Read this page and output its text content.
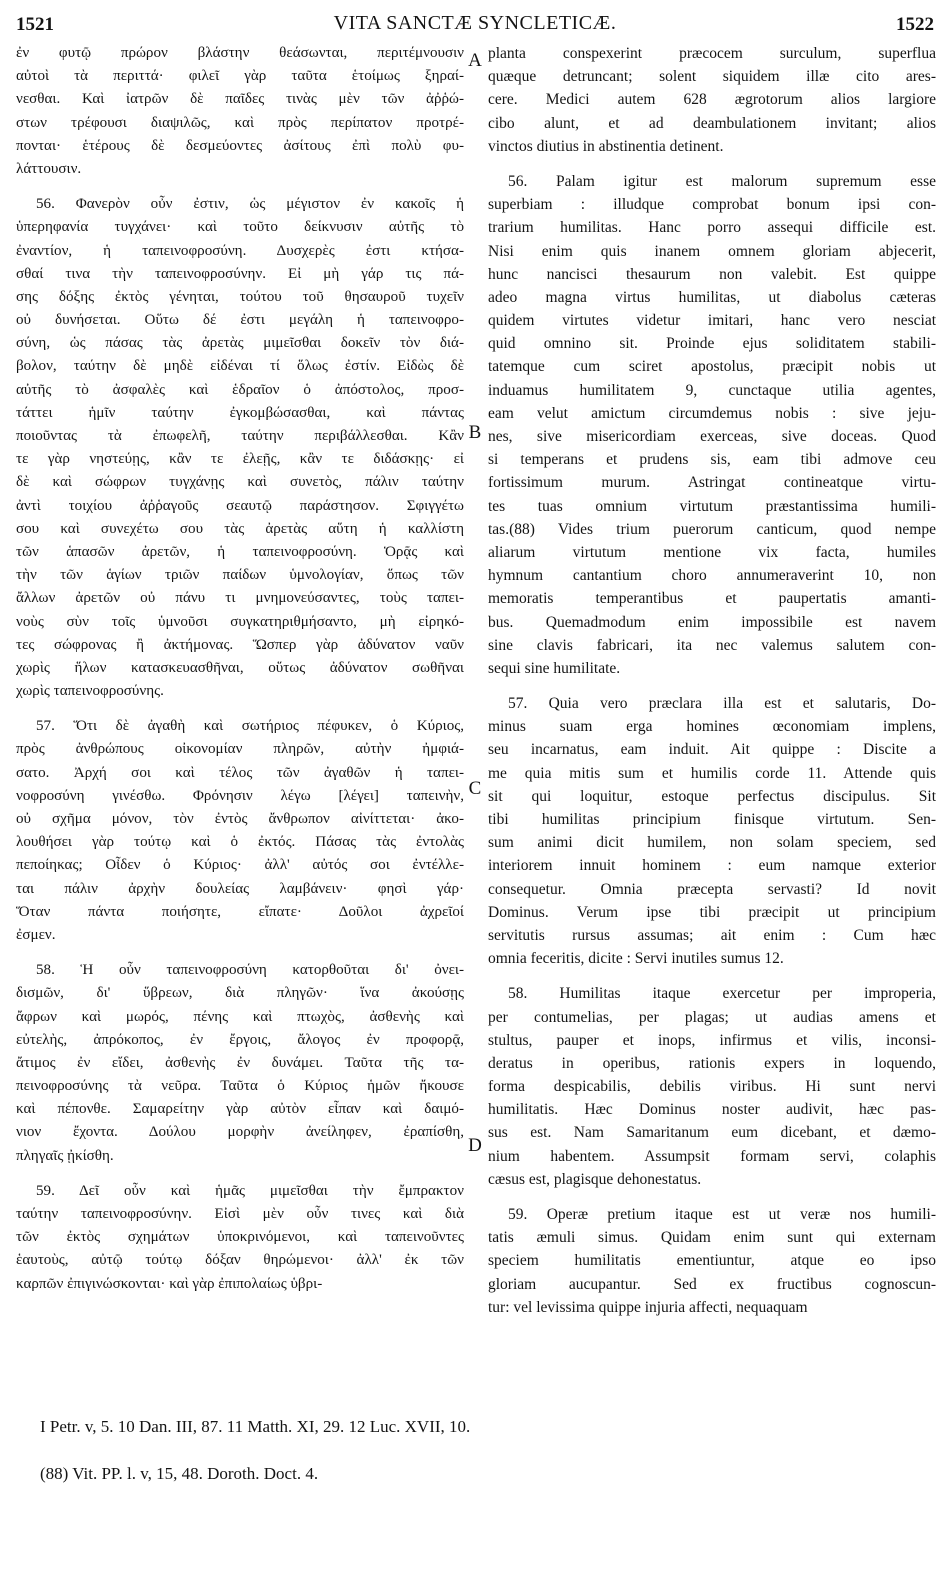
1521	VITA SANCTÆ SYNCLETICÆ.	1522
ἐν φυτῷ πρώρον βλάστην θεάσωνται, περιτέμνουσιν
αὐτοὶ τὰ περιττά· φιλεῖ γὰρ ταῦτα ἑτοίμως ξηραί-
νεσθαι. Καὶ ἰατρῶν δὲ παῖδες τινὰς μὲν τῶν ἀῤῥώ-
στων τρέφουσι διαψιλῶς, καὶ πρὸς περίπατον προτρέ-
πονται· ἑτέρους δὲ δεσμεύοντες ἀσίτους ἐπὶ πολὺ φυ-
λάττουσιν.
56. Φανερὸν οὖν ἐστιν, ὡς μέγιστον ἐν κακοῖς ἡ
ὑπερηφανία τυγχάνει· καὶ τοῦτο δείκνυσιν αὐτῆς τὸ
ἐναντίον, ἡ ταπεινοφροσύνη. Δυσχερὲς ἐστι κτήσα-
σθαί τινα τὴν ταπεινοφροσύνην. Εἰ μὴ γάρ τις πά-
σης δόξης ἐκτὸς γένηται, τούτου τοῦ θησαυροῦ τυχεῖν
οὐ δυνήσεται. Οὕτω δέ ἐστι μεγάλη ἡ ταπεινοφρο-
σύνη, ὡς πάσας τὰς ἀρετὰς μιμεῖσθαι δοκεῖν τὸν διά-
βολον, ταύτην δὲ μηδὲ εἰδέναι τί ὅλως ἐστίν. Εἰδὼς δὲ
αὐτῆς τὸ ἀσφαλὲς καὶ ἑδραῖον ὁ ἀπόστολος, προσ-
τάττει ἡμῖν ταύτην ἐγκομβώσασθαι, καὶ πάντας
ποιοῦντας τὰ ἐπωφελῆ, ταύτην περιβάλλεσθαι. Κἂν
τε γὰρ νηστεύῃς, κἂν τε ἐλεῇς, κἂν τε διδάσκῃς· εἰ
δὲ καὶ σώφρων τυγχάνῃς καὶ συνετὸς, πάλιν ταύτην
ἀντὶ τοιχίου ἀῤῥαγοῦς σεαυτῷ παράστησον. Σφιγγέτω
σου καὶ συνεχέτω σου τὰς ἀρετὰς αὕτη ἡ καλλίστη
τῶν ἁπασῶν ἀρετῶν, ἡ ταπεινοφροσύνη. Ὁρᾷς καὶ
τὴν τῶν ἁγίων τριῶν παίδων ὑμνολογίαν, ὅπως τῶν
ἄλλων ἀρετῶν οὐ πάνυ τι μνημονεύσαντες, τοὺς ταπει-
νοὺς σὺν τοῖς ὑμνοῦσι συγκατηριθμήσαντο, μὴ εἰρηκό-
τες σώφρονας ἢ ἀκτήμονας. Ὥσπερ γὰρ ἀδύνατον ναῦν
χωρὶς ἥλων κατασκευασθῆναι, οὕτως ἀδύνατον σωθῆναι
χωρὶς ταπεινοφροσύνης.
57. Ὅτι δὲ ἀγαθὴ καὶ σωτήριος πέφυκεν, ὁ Κύριος,
πρὸς ἀνθρώπους οἰκονομίαν πληρῶν, αὐτὴν ἠμφιά-
σατο. Ἀρχή σοι καὶ τέλος τῶν ἀγαθῶν ἡ ταπει-
νοφροσύνη γινέσθω. Φρόνησιν λέγω [λέγει] ταπεινὴν,
οὐ σχῆμα μόνον, τὸν ἐντὸς ἄνθρωπον αἰνίττεται· ἀκο-
λουθήσει γὰρ τούτῳ καὶ ὁ ἐκτός. Πάσας τὰς ἐντολὰς
πεποίηκας; Οἶδεν ὁ Κύριος· ἀλλ' αὐτός σοι ἐντέλλε-
ται πάλιν ἀρχὴν δουλείας λαμβάνειν· φησὶ γάρ·
Ὅταν πάντα ποιήσητε, εἴπατε· Δοῦλοι ἀχρεῖοί
ἐσμεν.
58. Ἡ οὖν ταπεινοφροσύνη κατορθοῦται δι' ὀνει-
δισμῶν, δι' ὕβρεων, διὰ πληγῶν· ἵνα ἀκούσῃς
ἄφρων καὶ μωρός, πένης καὶ πτωχὸς, ἀσθενὴς καὶ
εὐτελὴς, ἀπρόκοπος, ἐν ἔργοις, ἄλογος ἐν προφορᾷ,
ἄτιμος ἐν εἴδει, ἀσθενὴς ἐν δυνάμει. Ταῦτα τῆς τα-
πεινοφροσύνης τὰ νεῦρα. Ταῦτα ὁ Κύριος ἡμῶν ἤκουσε
καὶ πέπονθε. Σαμαρείτην γὰρ αὐτὸν εἶπαν καὶ δαιμό-
νιον ἔχοντα. Δούλου μορφὴν ἀνείληφεν, ἐραπίσθη,
πληγαῖς ᾐκίσθη.
59. Δεῖ οὖν καὶ ἡμᾶς μιμεῖσθαι τὴν ἔμπρακτον
ταύτην ταπεινοφροσύνην. Εἰσὶ μὲν οὖν τινες καὶ διὰ
τῶν ἐκτὸς σχημάτων ὑποκρινόμενοι, καὶ ταπεινοῦντες
ἑαυτοὺς, αὐτῷ τούτῳ δόξαν θηρώμενοι· ἀλλ' ἐκ τῶν
καρπῶν ἐπιγινώσκονται· καὶ γὰρ ἐπιπολαίως ὑβρι-
A
B
C
D
planta conspexerint præcocem surculum, superflua
quæque detruncant; solent siquidem illæ cito ares-
cere. Medici autem 628 ægrotorum alios largiore
cibo alunt, et ad deambulationem invitant; alios
vinctos diutius in abstinentia detinent.
56. Palam igitur est malorum supremum esse
superbiam : illudque comprobat bonum ipsi con-
trarium humilitas. Hanc porro assequi difficile est.
Nisi enim quis inanem omnem gloriam abjecerit,
hunc nancisci thesaurum non valebit. Est quippe
adeo magna virtus humilitas, ut diabolus cæteras
quidem virtutes videtur imitari, hanc vero nesciat
quid omnino sit. Proinde ejus soliditatem stabili-
tatemque cum sciret apostolus, præcipit nobis ut
induamus humilitatem 9, cunctaque utilia agentes,
eam velut amictum circumdemus nobis : sive jeju-
nes, sive misericordiam exerceas, sive doceas. Quod
si temperans et prudens sis, eam tibi admove ceu
fortissimum murum. Astringat contineatque virtu-
tes tuas omnium virtutum præstantissima humili-
tas.(88) Vides trium puerorum canticum, quod nempe
aliarum virtutum mentione vix facta, humiles
hymnum cantantium choro annumeraverint 10, non
memoratis temperantibus et paupertatis amanti-
bus. Quemadmodum enim impossibile est navem
sine clavis fabricari, ita nec valemus salutem con-
sequi sine humilitate.
57. Quia vero præclara illa est et salutaris, Do-
minus suam erga homines œconomiam implens,
seu incarnatus, eam induit. Ait quippe : Discite a
me quia mitis sum et humilis corde 11. Attende quis
sit qui loquitur, estoque perfectus discipulus. Sit
tibi humilitas principium finisque virtutum. Sen-
sum animi dicit humilem, non solam speciem, sed
interiorem innuit hominem : eum namque exterior
consequetur. Omnia præcepta servasti? Id novit
Dominus. Verum ipse tibi præcipit ut principium
servitutis rursus assumas; ait enim : Cum hæc
omnia feceritis, dicite : Servi inutiles sumus 12.
58. Humilitas itaque exercetur per improperia,
per contumelias, per plagas; ut audias amens et
stultus, pauper et inops, infirmus et vilis, inconsi-
deratus in operibus, rationis expers in loquendo,
forma despicabilis, debilis viribus. Hi sunt nervi
humilitatis. Hæc Dominus noster audivit, hæc pas-
sus est. Nam Samaritanum eum dicebant, et dæmo-
nium habentem. Assumpsit formam servi, colaphis
cæsus est, plagisque dehonestatus.
59. Operæ pretium itaque est ut veræ nos humili-
tatis æmuli simus. Quidam enim sunt qui externam
speciem humilitatis ementiuntur, atque eo ipso
gloriam aucupantur. Sed ex fructibus cognoscun-
tur: vel levissima quippe injuria affecti, nequaquam
I Petr. v, 5. 10 Dan. III, 87. 11 Matth. XI, 29. 12 Luc. XVII, 10.
(88) Vit. PP. l. v, 15, 48. Doroth. Doct. 4.
